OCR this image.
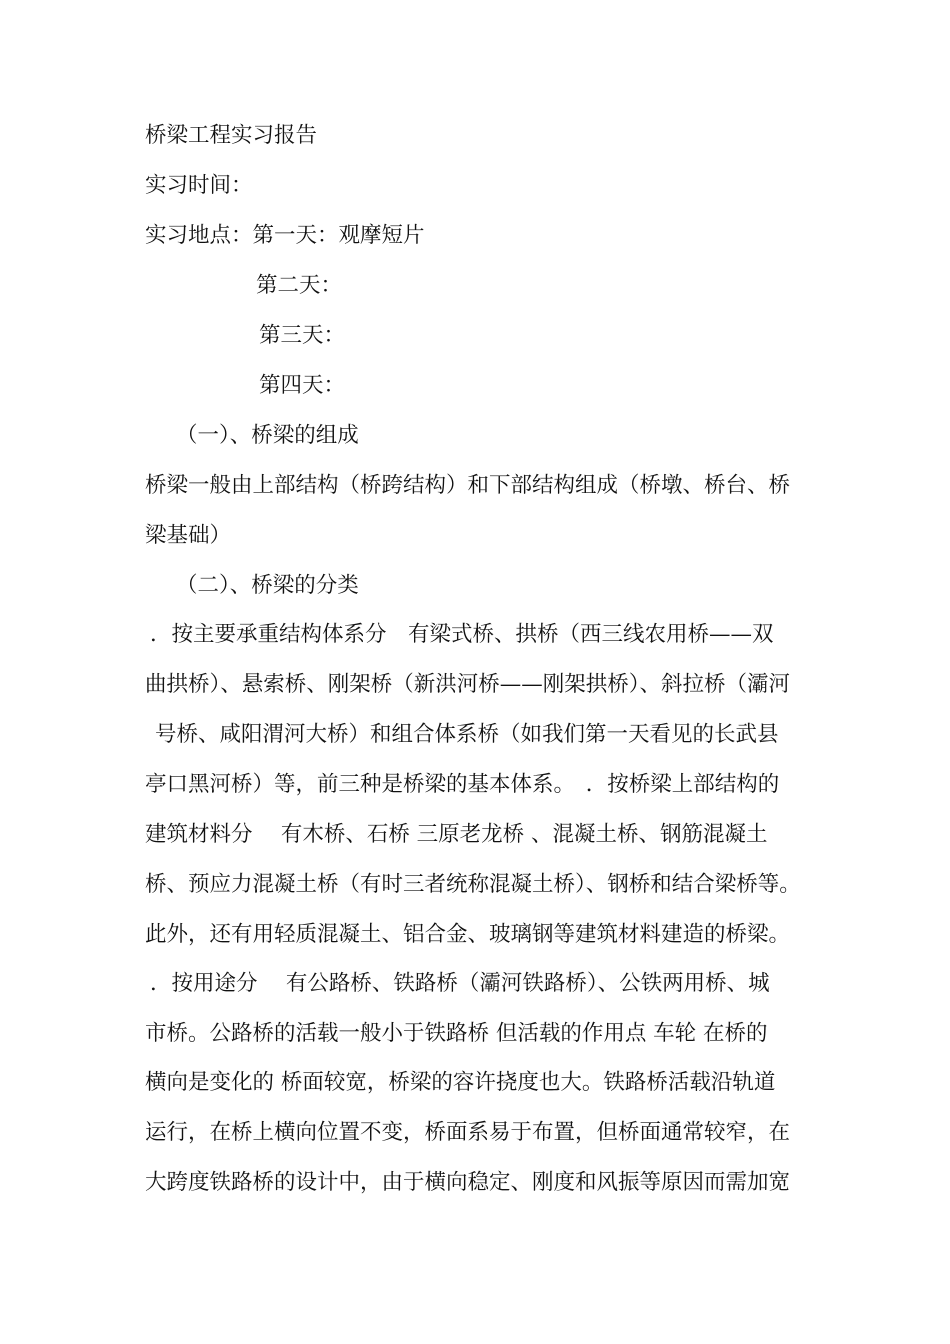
桥梁工程实习报告
实习时间：
实习地点：第一天：观摩短片
第二天：
第三天：
第四天：
（一）、桥梁的组成
桥梁一般由上部结构（桥跨结构）和下部结构组成（桥墩、桥台、桥
梁基础）
（二）、桥梁的分类
．按主要承重结构体系分　有梁式桥、拱桥（西三线农用桥——双
曲拱桥）、悬索桥、刚架桥（新洪河桥——刚架拱桥）、斜拉桥（灞河
号桥、咸阳渭河大桥）和组合体系桥（如我们第一天看见的长武县
亭口黑河桥）等，前三种是桥梁的基本体系。　．按桥梁上部结构的
建筑材料分　 有木桥、石桥 三原老龙桥 、混凝土桥、钢筋混凝土
桥、预应力混凝土桥（有时三者统称混凝土桥）、钢桥和结合梁桥等。
此外，还有用轻质混凝土、铝合金、玻璃钢等建筑材料建造的桥梁。
．按用途分　 有公路桥、铁路桥（灞河铁路桥）、公铁两用桥、城
市桥。公路桥的活载一般小于铁路桥 但活载的作用点 车轮 在桥的
横向是变化的 桥面较宽，桥梁的容许挠度也大。铁路桥活载沿轨道
运行，在桥上横向位置不变，桥面系易于布置，但桥面通常较窄，在
大跨度铁路桥的设计中，由于横向稳定、刚度和风振等原因而需加宽
